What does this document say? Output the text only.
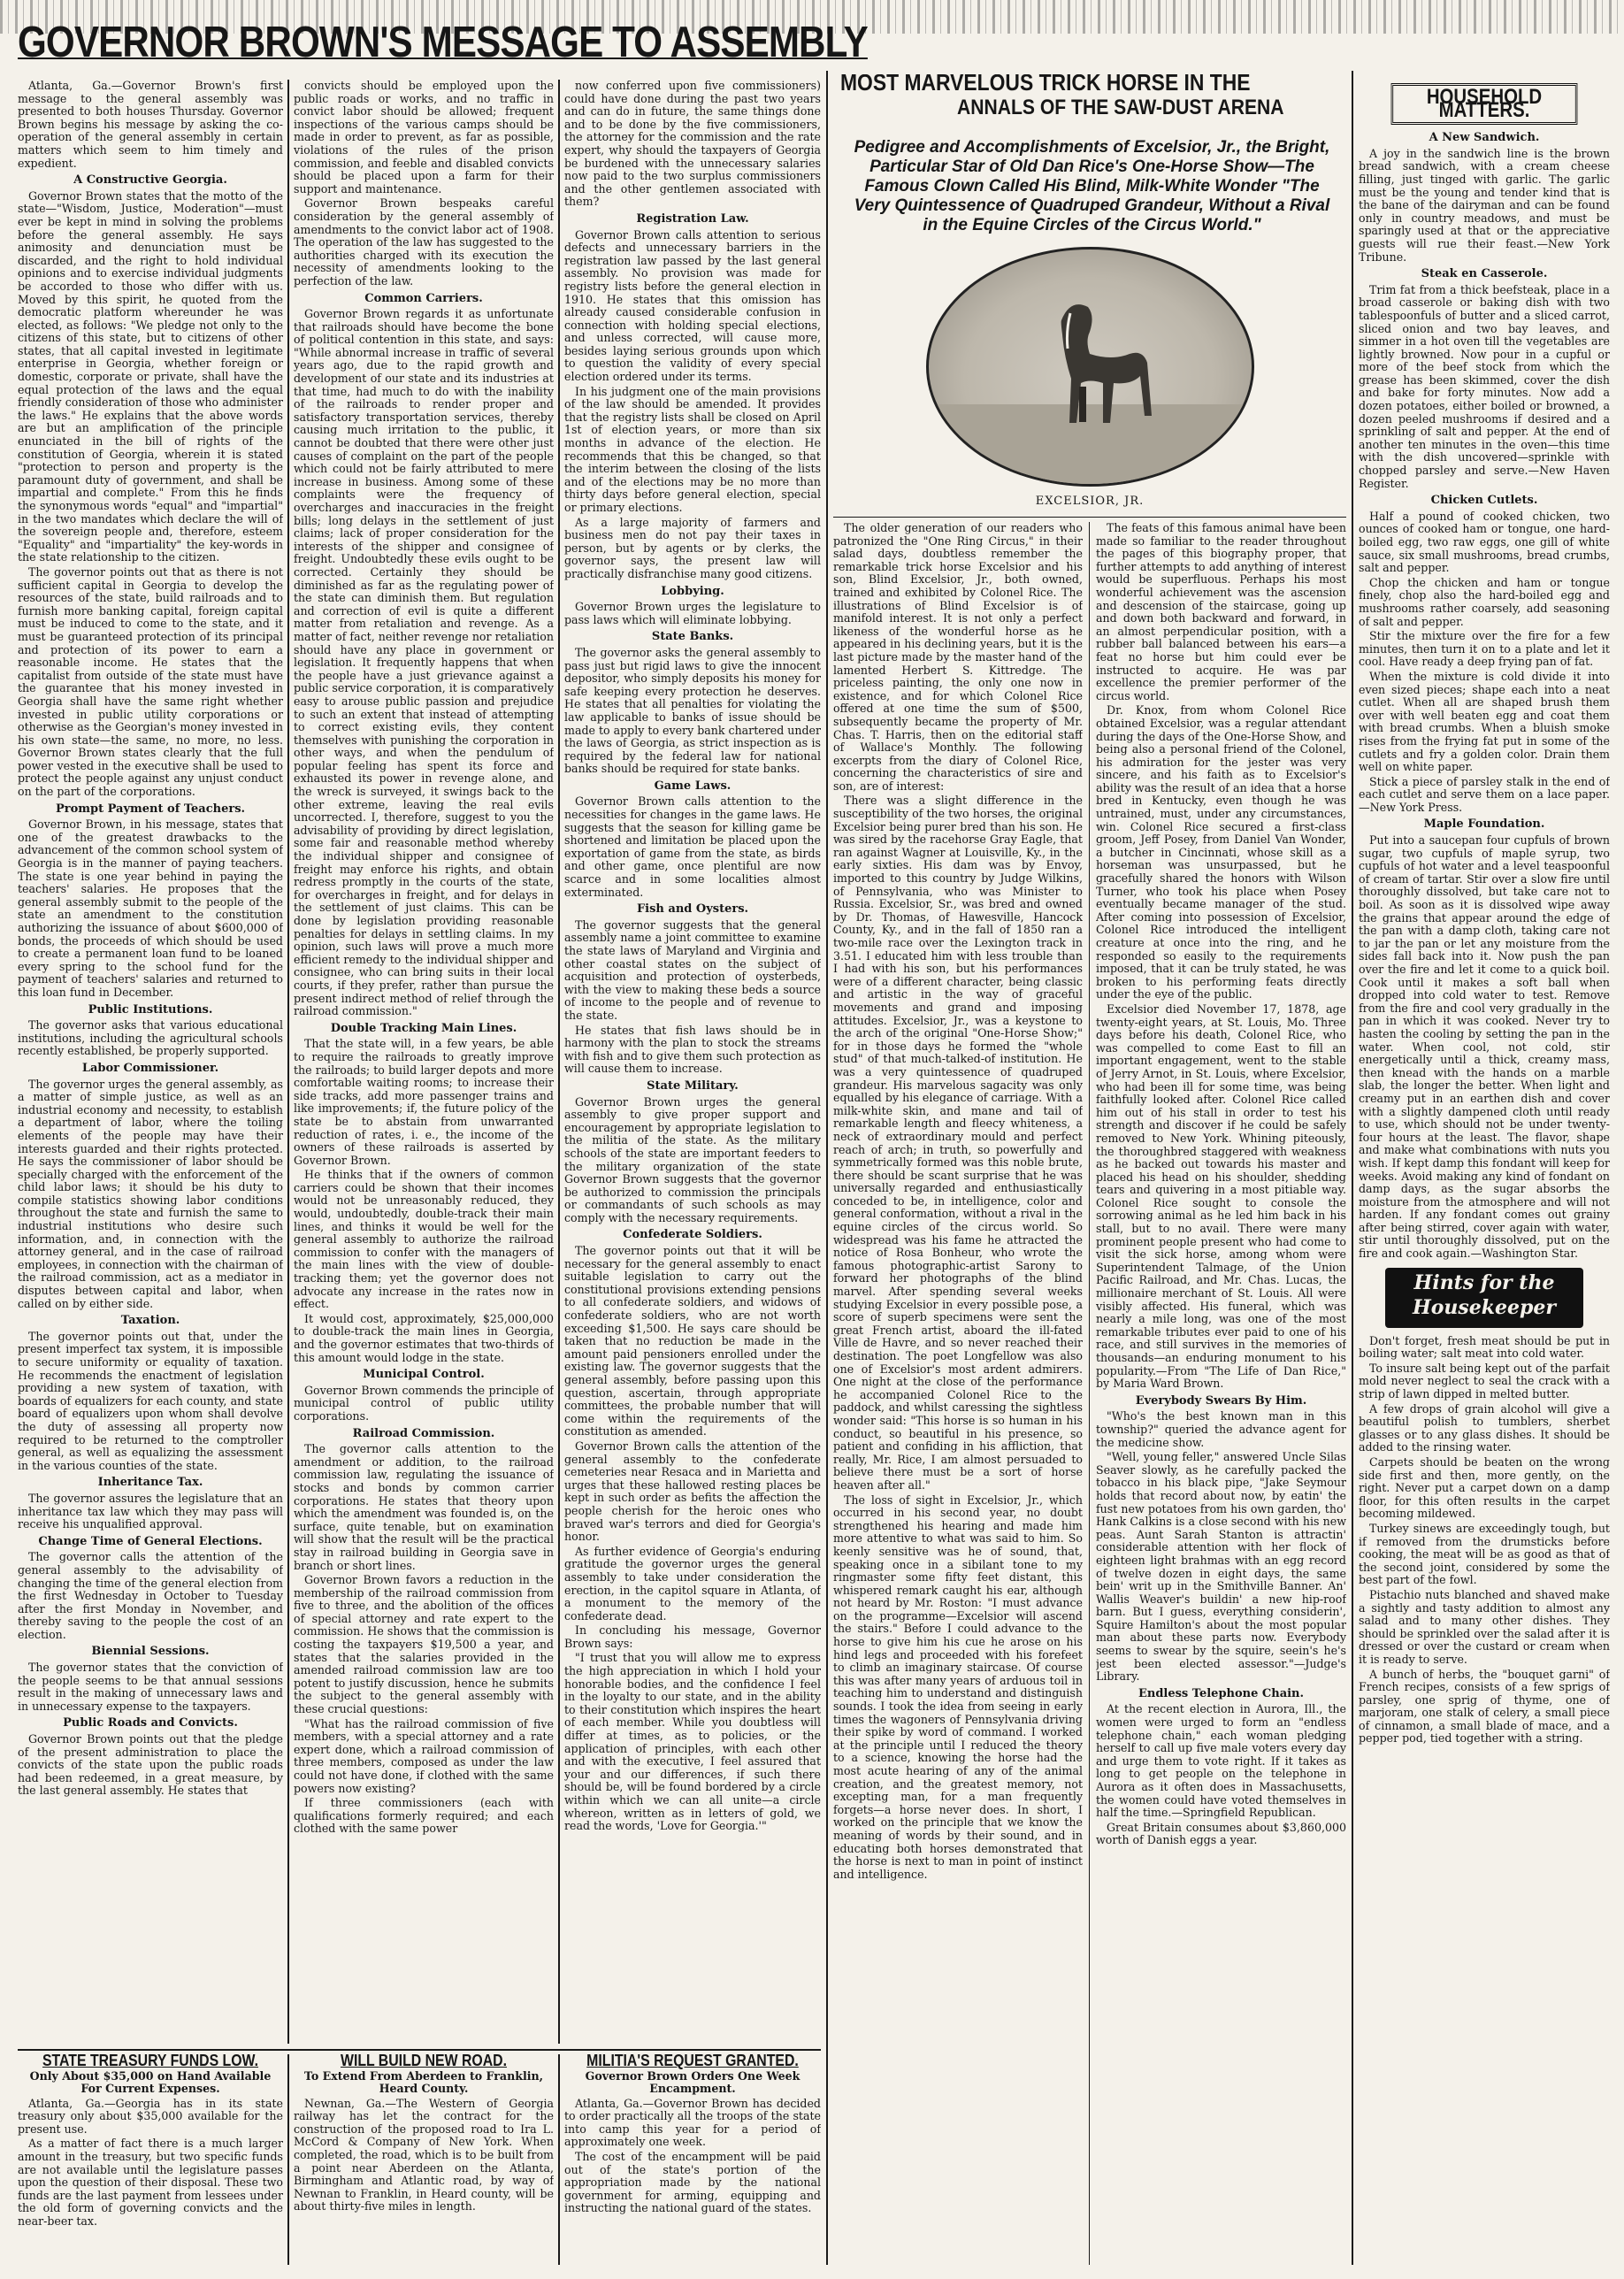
GOVERNOR BROWN'S MESSAGE TO ASSEMBLY

Atlanta, Ga.—Governor Brown's first message to the general assembly was presented to both houses Thursday. Governor Brown begins his message by asking the co-operation of the general assembly in certain matters which seem to him timely and expedient.

A Constructive Georgia.

Governor Brown states that the motto of the state—"Wisdom, Justice, Moderation"—must ever be kept in mind in solving the problems before the general assembly. He says animosity and denunciation must be discarded, and the right to hold individual opinions and to exercise individual judgments be accorded to those who differ with us. Moved by this spirit, he quoted from the democratic platform whereunder he was elected, as follows: "We pledge not only to the citizens of this state, but to citizens of other states, that all capital invested in legitimate enterprise in Georgia, whether foreign or domestic, corporate or private, shall have the equal protection of the laws and the equal friendly consideration of those who administer the laws." He explains that the above words are but an amplification of the principle enunciated in the bill of rights of the constitution of Georgia, wherein it is stated "protection to person and property is the paramount duty of government, and shall be impartial and complete." From this he finds the synonymous words "equal" and "impartial" in the two mandates which declare the will of the sovereign people and, therefore, esteem "Equality" and "impartiality" the key-words in the state relationship to the citizen.

The governor points out that as there is not sufficient capital in Georgia to develop the resources of the state, build railroads and to furnish more banking capital, foreign capital must be induced to come to the state, and it must be guaranteed protection of its principal and protection of its power to earn a reasonable income. He states that the capitalist from outside of the state must have the guarantee that his money invested in Georgia shall have the same right whether invested in public utility corporations or otherwise as the Georgian's money invested in his own state—the same, no more, no less. Governor Brown states clearly that the full power vested in the executive shall be used to protect the people against any unjust conduct on the part of the corporations.

Prompt Payment of Teachers.

Governor Brown, in his message, states that one of the greatest drawbacks to the advancement of the common school system of Georgia is in the manner of paying teachers. The state is one year behind in paying the teachers' salaries. He proposes that the general assembly submit to the people of the state an amendment to the constitution authorizing the issuance of about $600,000 of bonds, the proceeds of which should be used to create a permanent loan fund to be loaned every spring to the school fund for the payment of teachers' salaries and returned to this loan fund in December.

Public Institutions.

The governor asks that various educational institutions, including the agricultural schools recently established, be properly supported.

Labor Commissioner.

The governor urges the general assembly, as a matter of simple justice, as well as an industrial economy and necessity, to establish a department of labor, where the toiling elements of the people may have their interests guarded and their rights protected. He says the commissioner of labor should be specially charged with the enforcement of the child labor laws; it should be his duty to compile statistics showing labor conditions throughout the state and furnish the same to industrial institutions who desire such information, and, in connection with the attorney general, and in the case of railroad employees, in connection with the chairman of the railroad commission, act as a mediator in disputes between capital and labor, when called on by either side.

Taxation.

The governor points out that, under the present imperfect tax system, it is impossible to secure uniformity or equality of taxation. He recommends the enactment of legislation providing a new system of taxation, with boards of equalizers for each county, and state board of equalizers upon whom shall devolve the duty of assessing all property now required to be returned to the comptroller general, as well as equalizing the assessment in the various counties of the state.

Inheritance Tax.

The governor assures the legislature that an inheritance tax law which they may pass will receive his unqualified approval.

Change Time of General Elections.

The governor calls the attention of the general assembly to the advisability of changing the time of the general election from the first Wednesday in October to Tuesday after the first Monday in November, and thereby saving to the people the cost of an election.

Biennial Sessions.

The governor states that the conviction of the people seems to be that annual sessions result in the making of unnecessary laws and in unnecessary expense to the taxpayers.

Public Roads and Convicts.

Governor Brown points out that the pledge of the present administration to place the convicts of the state upon the public roads had been redeemed, in a great measure, by the last general assembly. He states that

convicts should be employed upon the public roads or works, and no traffic in convict labor should be allowed; frequent inspections of the various camps should be made in order to prevent, as far as possible, violations of the rules of the prison commission, and feeble and disabled convicts should be placed upon a farm for their support and maintenance.

Governor Brown bespeaks careful consideration by the general assembly of amendments to the convict labor act of 1908. The operation of the law has suggested to the authorities charged with its execution the necessity of amendments looking to the perfection of the law.

Common Carriers.

Governor Brown regards it as unfortunate that railroads should have become the bone of political contention in this state, and says: "While abnormal increase in traffic of several years ago, due to the rapid growth and development of our state and its industries at that time, had much to do with the inability of the railroads to render proper and satisfactory transportation services, thereby causing much irritation to the public, it cannot be doubted that there were other just causes of complaint on the part of the people which could not be fairly attributed to mere increase in business. Among some of these complaints were the frequency of overcharges and inaccuracies in the freight bills; long delays in the settlement of just claims; lack of proper consideration for the interests of the shipper and consignee of freight. Undoubtedly these evils ought to be corrected. Certainly they should be diminished as far as the regulating power of the state can diminish them. But regulation and correction of evil is quite a different matter from retaliation and revenge. As a matter of fact, neither revenge nor retaliation should have any place in government or legislation. It frequently happens that when the people have a just grievance against a public service corporation, it is comparatively easy to arouse public passion and prejudice to such an extent that instead of attempting to correct existing evils, they content themselves with punishing the corporation in other ways, and when the pendulum of popular feeling has spent its force and exhausted its power in revenge alone, and the wreck is surveyed, it swings back to the other extreme, leaving the real evils uncorrected. I, therefore, suggest to you the advisability of providing by direct legislation, some fair and reasonable method whereby the individual shipper and consignee of freight may enforce his rights, and obtain redress promptly in the courts of the state, for overcharges in freight, and for delays in the settlement of just claims. This can be done by legislation providing reasonable penalties for delays in settling claims. In my opinion, such laws will prove a much more efficient remedy to the individual shipper and consignee, who can bring suits in their local courts, if they prefer, rather than pursue the present indirect method of relief through the railroad commission."

Double Tracking Main Lines.

That the state will, in a few years, be able to require the railroads to greatly improve the railroads; to build larger depots and more comfortable waiting rooms; to increase their side tracks, add more passenger trains and like improvements; if, the future policy of the state be to abstain from unwarranted reduction of rates, i. e., the income of the owners of these railroads is asserted by Governor Brown.

He thinks that if the owners of common carriers could be shown that their incomes would not be unreasonably reduced, they would, undoubtedly, double-track their main lines, and thinks it would be well for the general assembly to authorize the railroad commission to confer with the managers of the main lines with the view of double-tracking them; yet the governor does not advocate any increase in the rates now in effect.

It would cost, approximately, $25,000,000 to double-track the main lines in Georgia, and the governor estimates that two-thirds of this amount would lodge in the state.

Municipal Control.

Governor Brown commends the principle of municipal control of public utility corporations.

Railroad Commission.

The governor calls attention to the amendment or addition, to the railroad commission law, regulating the issuance of stocks and bonds by common carrier corporations. He states that theory upon which the amendment was founded is, on the surface, quite tenable, but on examination will show that the result will be the practical stay in railroad building in Georgia save in branch or short lines.

Governor Brown favors a reduction in the membership of the railroad commission from five to three, and the abolition of the offices of special attorney and rate expert to the commission. He shows that the commission is costing the taxpayers $19,500 a year, and states that the salaries provided in the amended railroad commission law are too potent to justify discussion, hence he submits the subject to the general assembly with these crucial questions:

"What has the railroad commission of five members, with a special attorney and a rate expert done, which a railroad commission of three members, composed as under the law could not have done, if clothed with the same powers now existing?

If three commissioners (each with qualifications formerly required; and each clothed with the same power

now conferred upon five commissioners) could have done during the past two years and can do in future, the same things done and to be done by the five commissioners, the attorney for the commission and the rate expert, why should the taxpayers of Georgia be burdened with the unnecessary salaries now paid to the two surplus commissioners and the other gentlemen associated with them?

Registration Law.

Governor Brown calls attention to serious defects and unnecessary barriers in the registration law passed by the last general assembly. No provision was made for registry lists before the general election in 1910. He states that this omission has already caused considerable confusion in connection with holding special elections, and unless corrected, will cause more, besides laying serious grounds upon which to question the validity of every special election ordered under its terms.

In his judgment one of the main provisions of the law should be amended. It provides that the registry lists shall be closed on April 1st of election years, or more than six months in advance of the election. He recommends that this be changed, so that the interim between the closing of the lists and of the elections may be no more than thirty days before general election, special or primary elections.

As a large majority of farmers and business men do not pay their taxes in person, but by agents or by clerks, the governor says, the present law will practically disfranchise many good citizens.

Lobbying.

Governor Brown urges the legislature to pass laws which will eliminate lobbying.

State Banks.

The governor asks the general assembly to pass just but rigid laws to give the innocent depositor, who simply deposits his money for safe keeping every protection he deserves. He states that all penalties for violating the law applicable to banks of issue should be made to apply to every bank chartered under the laws of Georgia, as strict inspection as is required by the federal law for national banks should be required for state banks.

Game Laws.

Governor Brown calls attention to the necessities for changes in the game laws. He suggests that the season for killing game be shortened and limitation be placed upon the exportation of game from the state, as birds and other game, once plentiful are now scarce and in some localities almost exterminated.

Fish and Oysters.

The governor suggests that the general assembly name a joint committee to examine the state laws of Maryland and Virginia and other coastal states on the subject of acquisition and protection of oysterbeds, with the view to making these beds a source of income to the people and of revenue to the state.

He states that fish laws should be in harmony with the plan to stock the streams with fish and to give them such protection as will cause them to increase.

State Military.

Governor Brown urges the general assembly to give proper support and encouragement by appropriate legislation to the militia of the state. As the military schools of the state are important feeders to the military organization of the state Governor Brown suggests that the governor be authorized to commission the principals or commandants of such schools as may comply with the necessary requirements.

Confederate Soldiers.

The governor points out that it will be necessary for the general assembly to enact suitable legislation to carry out the constitutional provisions extending pensions to all confederate soldiers, and widows of confederate soldiers, who are not worth exceeding $1,500. He says care should be taken that no reduction be made in the amount paid pensioners enrolled under the existing law. The governor suggests that the general assembly, before passing upon this question, ascertain, through appropriate committees, the probable number that will come within the requirements of the constitution as amended.

Governor Brown calls the attention of the general assembly to the confederate cemeteries near Resaca and in Marietta and urges that these hallowed resting places be kept in such order as befits the affection the people cherish for the heroic ones who braved war's terrors and died for Georgia's honor.

As further evidence of Georgia's enduring gratitude the governor urges the general assembly to take under consideration the erection, in the capitol square in Atlanta, of a monument to the memory of the confederate dead.

In concluding his message, Governor Brown says:

"I trust that you will allow me to express the high appreciation in which I hold your honorable bodies, and the confidence I feel in the loyalty to our state, and in the ability to their constitution which inspires the heart of each member. While you doubtless will differ at times, as to policies, or the application of principles, with each other and with the executive, I feel assured that your and our differences, if such there should be, will be found bordered by a circle within which we can all unite—a circle whereon, written as in letters of gold, we read the words, 'Love for Georgia.'"

STATE TREASURY FUNDS LOW.
Only About $35,000 on Hand Available For Current Expenses.

Atlanta, Ga.—Georgia has in its state treasury only about $35,000 available for the present use.

As a matter of fact there is a much larger amount in the treasury, but two specific funds are not available until the legislature passes upon the question of their disposal. These two funds are the last payment from lessees under the old form of governing convicts and the near-beer tax.

WILL BUILD NEW ROAD.
To Extend From Aberdeen to Franklin, Heard County.

Newnan, Ga.—The Western of Georgia railway has let the contract for the construction of the proposed road to Ira L. McCord & Company of New York. When completed, the road, which is to be built from a point near Aberdeen on the Atlanta, Birmingham and Atlantic road, by way of Newnan to Franklin, in Heard county, will be about thirty-five miles in length.

MILITIA'S REQUEST GRANTED.
Governor Brown Orders One Week Encampment.

Atlanta, Ga.—Governor Brown has decided to order practically all the troops of the state into camp this year for a period of approximately one week.

The cost of the encampment will be paid out of the state's portion of the appropriation made by the national government for arming, equipping and instructing the national guard of the states.

MOST MARVELOUS TRICK HORSE IN THE
ANNALS OF THE SAW-DUST ARENA
Pedigree and Accomplishments of Excelsior, Jr., the Bright, Particular Star of Old Dan Rice's One-Horse Show—The Famous Clown Called His Blind, Milk-White Wonder "The Very Quintessence of Quadruped Grandeur, Without a Rival in the Equine Circles of the Circus World."
EXCELSIOR, JR.

The older generation of our readers who patronized the "One Ring Circus," in their salad days, doubtless remember the remarkable trick horse Excelsior and his son, Blind Excelsior, Jr., both owned, trained and exhibited by Colonel Rice. The illustrations of Blind Excelsior is of manifold interest. It is not only a perfect likeness of the wonderful horse as he appeared in his declining years, but it is the last picture made by the master hand of the lamented Herbert S. Kittredge. The priceless painting, the only one now in existence, and for which Colonel Rice offered at one time the sum of $500, subsequently became the property of Mr. Chas. T. Harris, then on the editorial staff of Wallace's Monthly. The following excerpts from the diary of Colonel Rice, concerning the characteristics of sire and son, are of interest:

There was a slight difference in the susceptibility of the two horses, the original Excelsior being purer bred than his son. He was sired by the racehorse Gray Eagle, that ran against Wagner at Louisville, Ky., in the early sixties. His dam was by Envoy, imported to this country by Judge Wilkins, of Pennsylvania, who was Minister to Russia. Excelsior, Sr., was bred and owned by Dr. Thomas, of Hawesville, Hancock County, Ky., and in the fall of 1850 ran a two-mile race over the Lexington track in 3.51. I educated him with less trouble than I had with his son, but his performances were of a different character, being classic and artistic in the way of graceful movements and grand and imposing attitudes. Excelsior, Jr., was a keystone to the arch of the original "One-Horse Show;" for in those days he formed the "whole stud" of that much-talked-of institution. He was a very quintessence of quadruped grandeur. His marvelous sagacity was only equalled by his elegance of carriage. With a milk-white skin, and mane and tail of remarkable length and fleecy whiteness, a neck of extraordinary mould and perfect reach of arch; in truth, so powerfully and symmetrically formed was this noble brute, there should be scant surprise that he was universally regarded and enthusiastically conceded to be, in intelligence, color and general conformation, without a rival in the equine circles of the circus world. So widespread was his fame he attracted the notice of Rosa Bonheur, who wrote the famous photographic-artist Sarony to forward her photographs of the blind marvel. After spending several weeks studying Excelsior in every possible pose, a score of superb specimens were sent the great French artist, aboard the ill-fated Ville de Havre, and so never reached their destination. The poet Longfellow was also one of Excelsior's most ardent admirers. One night at the close of the performance he accompanied Colonel Rice to the paddock, and whilst caressing the sightless wonder said: "This horse is so human in his conduct, so beautiful in his presence, so patient and confiding in his affliction, that really, Mr. Rice, I am almost persuaded to believe there must be a sort of horse heaven after all."

The loss of sight in Excelsior, Jr., which occurred in his second year, no doubt strengthened his hearing and made him more attentive to what was said to him. So keenly sensitive was he of sound, that, speaking once in a sibilant tone to my ringmaster some fifty feet distant, this whispered remark caught his ear, although not heard by Mr. Roston: "I must advance on the programme—Excelsior will ascend the stairs." Before I could advance to the horse to give him his cue he arose on his hind legs and proceeded with his forefeet to climb an imaginary staircase. Of course this was after many years of arduous toil in teaching him to understand and distinguish sounds. I took the idea from seeing in early times the wagoners of Pennsylvania driving their spike by word of command. I worked at the principle until I reduced the theory to a science, knowing the horse had the most acute hearing of any of the animal creation, and the greatest memory, not excepting man, for a man frequently forgets—a horse never does. In short, I worked on the principle that we know the meaning of words by their sound, and in educating both horses demonstrated that the horse is next to man in point of instinct and intelligence.

The feats of this famous animal have been made so familiar to the reader throughout the pages of this biography proper, that further attempts to add anything of interest would be superfluous. Perhaps his most wonderful achievement was the ascension and descension of the staircase, going up and down both backward and forward, in an almost perpendicular position, with a rubber ball balanced between his ears—a feat no horse but him could ever be instructed to acquire. He was par excellence the premier performer of the circus world.

Dr. Knox, from whom Colonel Rice obtained Excelsior, was a regular attendant during the days of the One-Horse Show, and being also a personal friend of the Colonel, his admiration for the jester was very sincere, and his faith as to Excelsior's ability was the result of an idea that a horse bred in Kentucky, even though he was untrained, must, under any circumstances, win. Colonel Rice secured a first-class groom, Jeff Posey, from Daniel Van Wonder, a butcher in Cincinnati, whose skill as a horseman was unsurpassed, but he gracefully shared the honors with Wilson Turner, who took his place when Posey eventually became manager of the stud. After coming into possession of Excelsior, Colonel Rice introduced the intelligent creature at once into the ring, and he responded so easily to the requirements imposed, that it can be truly stated, he was broken to his performing feats directly under the eye of the public.

Excelsior died November 17, 1878, age twenty-eight years, at St. Louis, Mo. Three days before his death, Colonel Rice, who was compelled to come East to fill an important engagement, went to the stable of Jerry Arnot, in St. Louis, where Excelsior, who had been ill for some time, was being faithfully looked after. Colonel Rice called him out of his stall in order to test his strength and discover if he could be safely removed to New York. Whining piteously, the thoroughbred staggered with weakness as he backed out towards his master and placed his head on his shoulder, shedding tears and quivering in a most pitiable way. Colonel Rice sought to console the sorrowing animal as he led him back in his stall, but to no avail. There were many prominent people present who had come to visit the sick horse, among whom were Superintendent Talmage, of the Union Pacific Railroad, and Mr. Chas. Lucas, the millionaire merchant of St. Louis. All were visibly affected. His funeral, which was nearly a mile long, was one of the most remarkable tributes ever paid to one of his race, and still survives in the memories of thousands—an enduring monument to his popularity.—From "The Life of Dan Rice," by Maria Ward Brown.

Everybody Swears By Him.

"Who's the best known man in this township?" queried the advance agent for the medicine show.

"Well, young feller," answered Uncle Silas Seaver slowly, as he carefully packed the tobacco in his black pipe, "Jake Seymour holds that record about now, by eatin' the fust new potatoes from his own garden, tho' Hank Calkins is a close second with his new peas. Aunt Sarah Stanton is attractin' considerable attention with her flock of eighteen light brahmas with an egg record of twelve dozen in eight days, the same bein' writ up in the Smithville Banner. An' Wallis Weaver's buildin' a new hip-roof barn. But I guess, everything considerin', Squire Hamilton's about the most popular man about these parts now. Everybody seems to swear by the squire, seein's he's jest been elected assessor."—Judge's Library.

Endless Telephone Chain.

At the recent election in Aurora, Ill., the women were urged to form an "endless telephone chain," each woman pledging herself to call up five male voters every day and urge them to vote right. If it takes as long to get people on the telephone in Aurora as it often does in Massachusetts, the women could have voted themselves in half the time.—Springfield Republican.

Great Britain consumes about $3,860,000 worth of Danish eggs a year.

HOUSEHOLD MATTERS.
A New Sandwich.

A joy in the sandwich line is the brown bread sandwich, with a cream cheese filling, just tinged with garlic. The garlic must be the young and tender kind that is the bane of the dairyman and can be found only in country meadows, and must be sparingly used at that or the appreciative guests will rue their feast.—New York Tribune.

Steak en Casserole.

Trim fat from a thick beefsteak, place in a broad casserole or baking dish with two tablespoonfuls of butter and a sliced carrot, sliced onion and two bay leaves, and simmer in a hot oven till the vegetables are lightly browned. Now pour in a cupful or more of the beef stock from which the grease has been skimmed, cover the dish and bake for forty minutes. Now add a dozen potatoes, either boiled or browned, a dozen peeled mushrooms if desired and a sprinkling of salt and pepper. At the end of another ten minutes in the oven—this time with the dish uncovered—sprinkle with chopped parsley and serve.—New Haven Register.

Chicken Cutlets.

Half a pound of cooked chicken, two ounces of cooked ham or tongue, one hard-boiled egg, two raw eggs, one gill of white sauce, six small mushrooms, bread crumbs, salt and pepper.

Chop the chicken and ham or tongue finely, chop also the hard-boiled egg and mushrooms rather coarsely, add seasoning of salt and pepper.

Stir the mixture over the fire for a few minutes, then turn it on to a plate and let it cool. Have ready a deep frying pan of fat.

When the mixture is cold divide it into even sized pieces; shape each into a neat cutlet. When all are shaped brush them over with well beaten egg and coat them with bread crumbs. When a bluish smoke rises from the frying fat put in some of the cutlets and fry a golden color. Drain them well on white paper.

Stick a piece of parsley stalk in the end of each cutlet and serve them on a lace paper.—New York Press.

Maple Foundation.

Put into a saucepan four cupfuls of brown sugar, two cupfuls of maple syrup, two cupfuls of hot water and a level teaspoonful of cream of tartar. Stir over a slow fire until thoroughly dissolved, but take care not to boil. As soon as it is dissolved wipe away the grains that appear around the edge of the pan with a damp cloth, taking care not to jar the pan or let any moisture from the sides fall back into it. Now push the pan over the fire and let it come to a quick boil. Cook until it makes a soft ball when dropped into cold water to test. Remove from the fire and cool very gradually in the pan in which it was cooked. Never try to hasten the cooling by setting the pan in the water. When cool, not cold, stir energetically until a thick, creamy mass, then knead with the hands on a marble slab, the longer the better. When light and creamy put in an earthen dish and cover with a slightly dampened cloth until ready to use, which should not be under twenty-four hours at the least. The flavor, shape and make what combinations with nuts you wish. If kept damp this fondant will keep for weeks. Avoid making any kind of fondant on damp days, as the sugar absorbs the moisture from the atmosphere and will not harden. If any fondant comes out grainy after being stirred, cover again with water, stir until thoroughly dissolved, put on the fire and cook again.—Washington Star.

Hints for the Housekeeper

Don't forget, fresh meat should be put in boiling water; salt meat into cold water.

To insure salt being kept out of the parfait mold never neglect to seal the crack with a strip of lawn dipped in melted butter.

A few drops of grain alcohol will give a beautiful polish to tumblers, sherbet glasses or to any glass dishes. It should be added to the rinsing water.

Carpets should be beaten on the wrong side first and then, more gently, on the right. Never put a carpet down on a damp floor, for this often results in the carpet becoming mildewed.

Turkey sinews are exceedingly tough, but if removed from the drumsticks before cooking, the meat will be as good as that of the second joint, considered by some the best part of the fowl.

Pistachio nuts blanched and shaved make a sightly and tasty addition to almost any salad and to many other dishes. They should be sprinkled over the salad after it is dressed or over the custard or cream when it is ready to serve.

A bunch of herbs, the "bouquet garni" of French recipes, consists of a few sprigs of parsley, one sprig of thyme, one of marjoram, one stalk of celery, a small piece of cinnamon, a small blade of mace, and a pepper pod, tied together with a string.
